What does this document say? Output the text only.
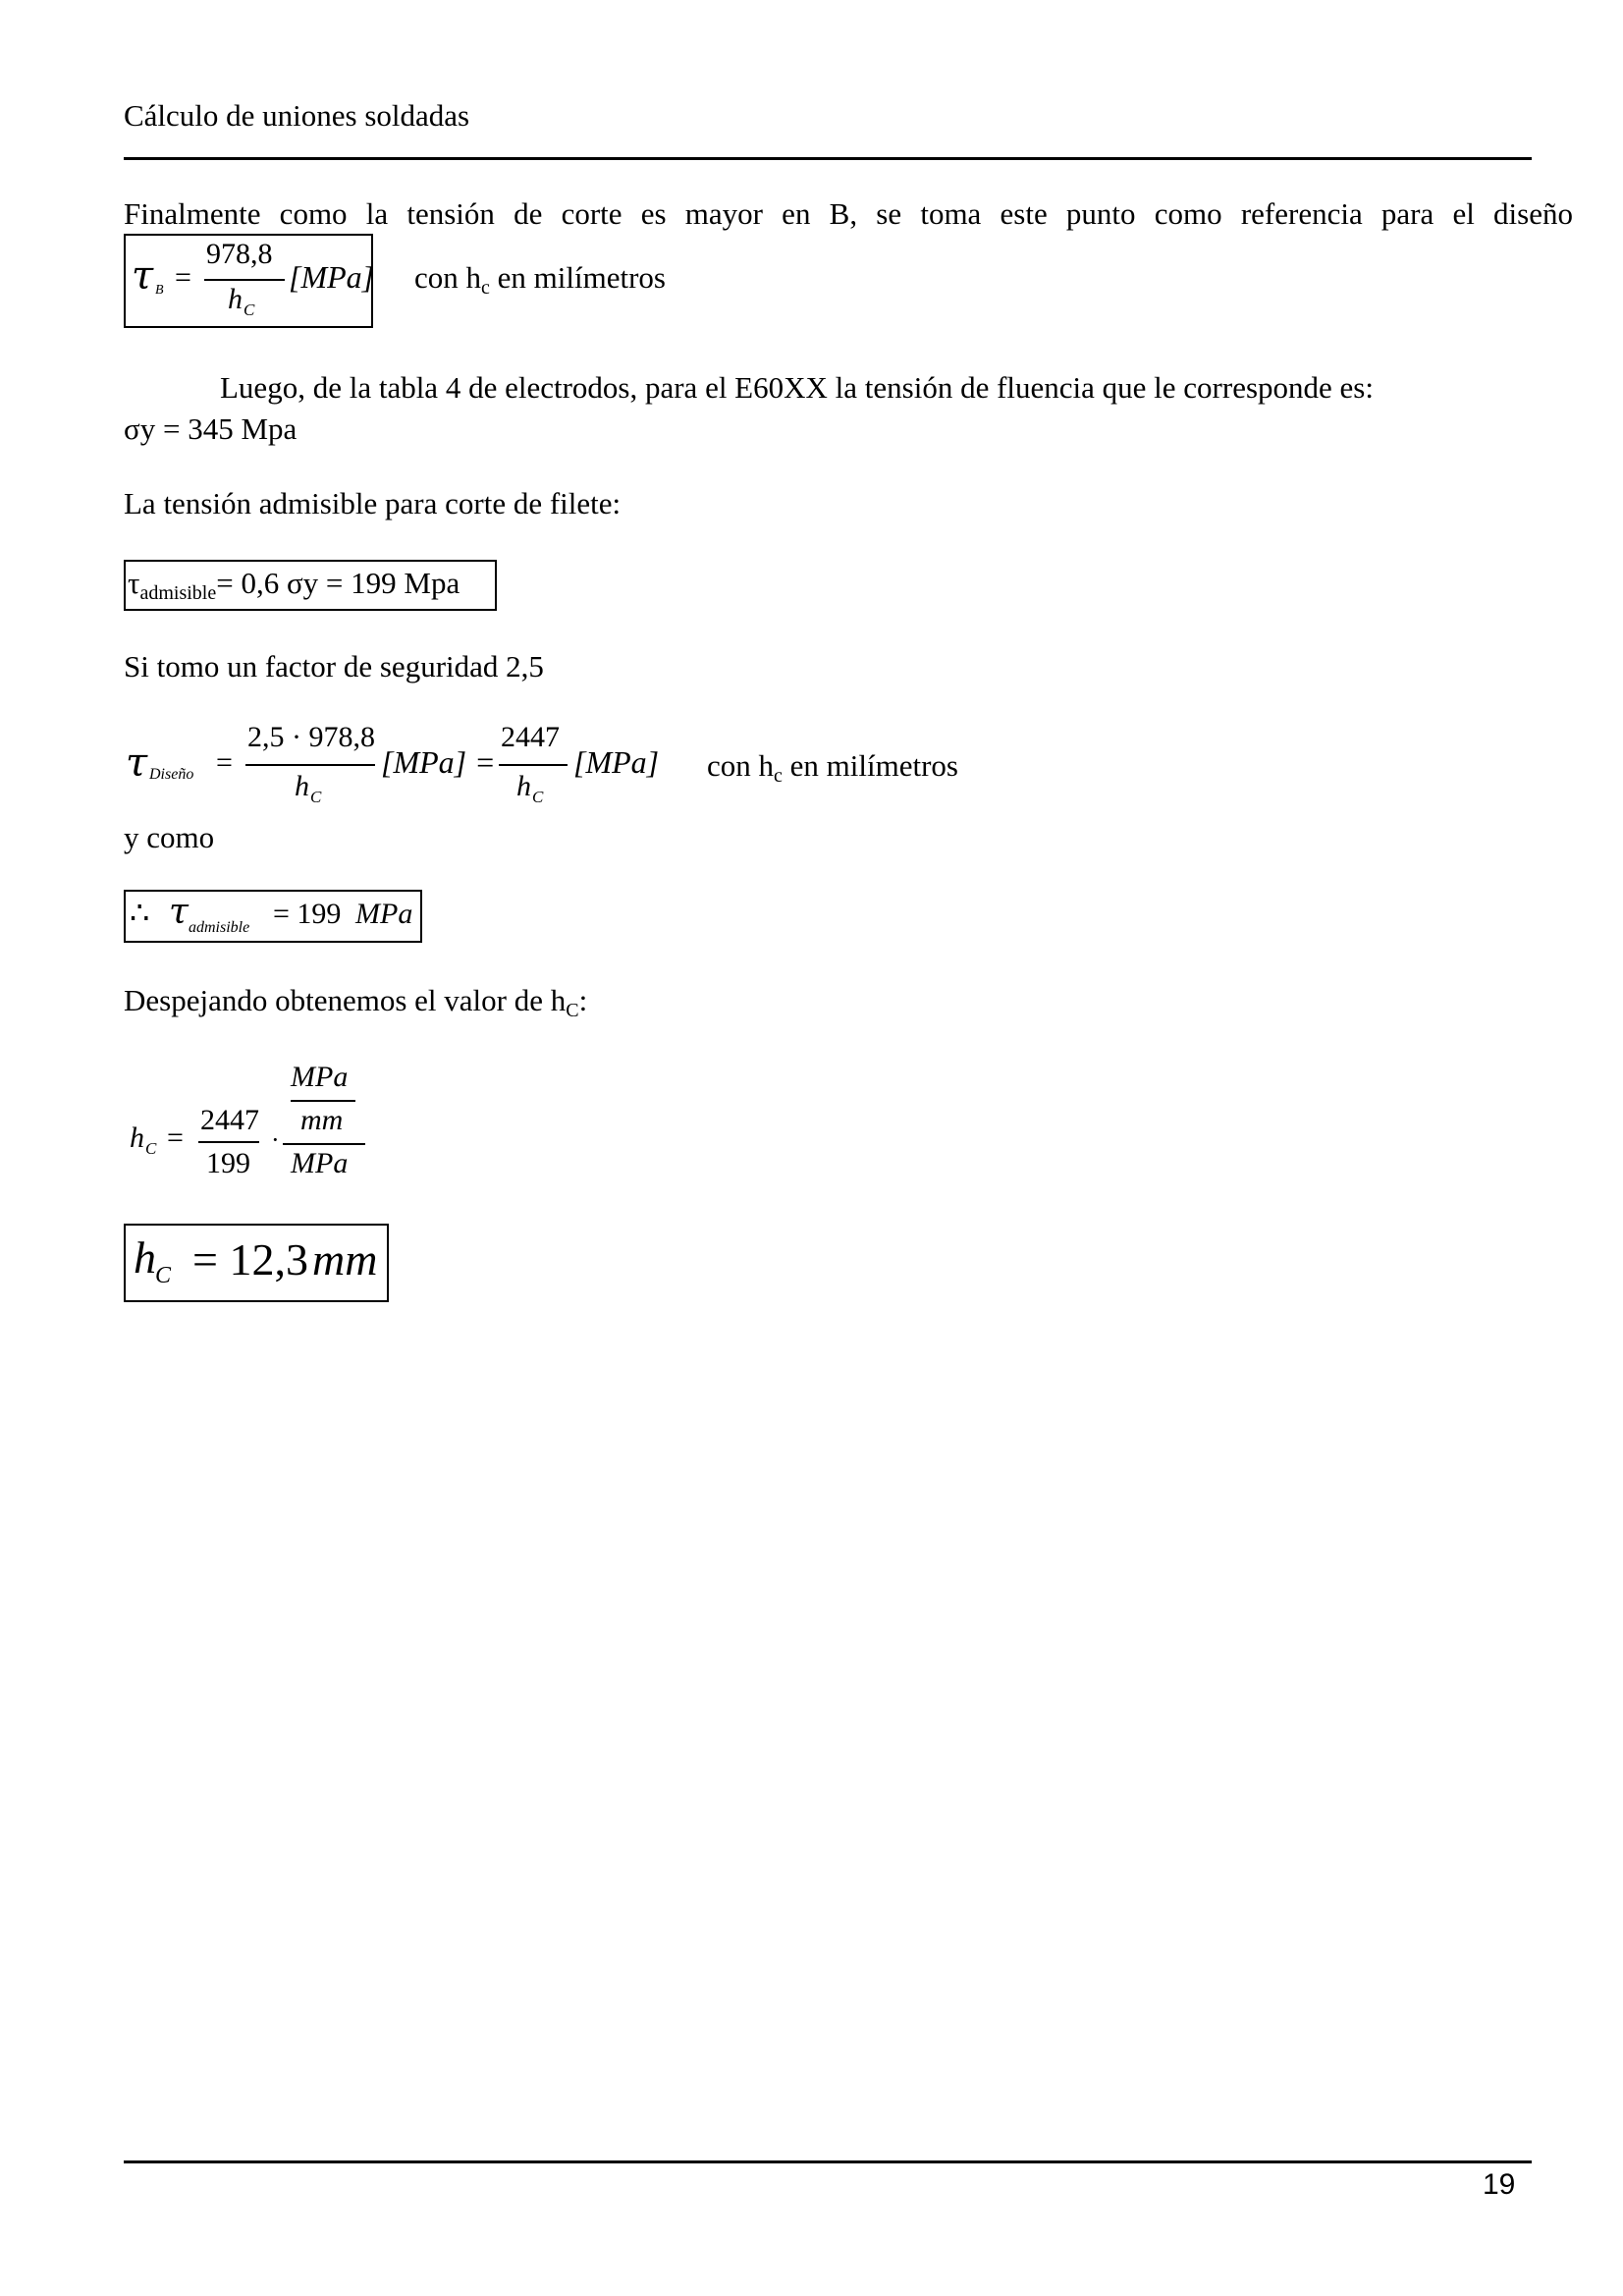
Cálculo de uniones soldadas
Finalmente como la tensión de corte es mayor en B, se toma este punto como referencia para el diseño
τ B =
978,8
h C
[MPa] con $h_c$ en milímetros
Luego, de la tabla 4 de electrodos, para el E60XX la tensión de fluencia que le corresponde es:
σy = 345 Mpa
La tensión admisible para corte de filete:
$\tau_{admisible}= 0,6$ σy = 199 Mpa
Si tomo un factor de seguridad 2,5
τ Diseño =
2,5 · 978,8
h C
[MPa] =
2447
h C
[MPa] con $h_c$ en milímetros
y como
∴ τ admisible = 199 MPa
Despejando obtenemos el valor de $h_C$:
h C =
2447
199
·
MPa
mm
MPa
h C = 12,3 mm
19
